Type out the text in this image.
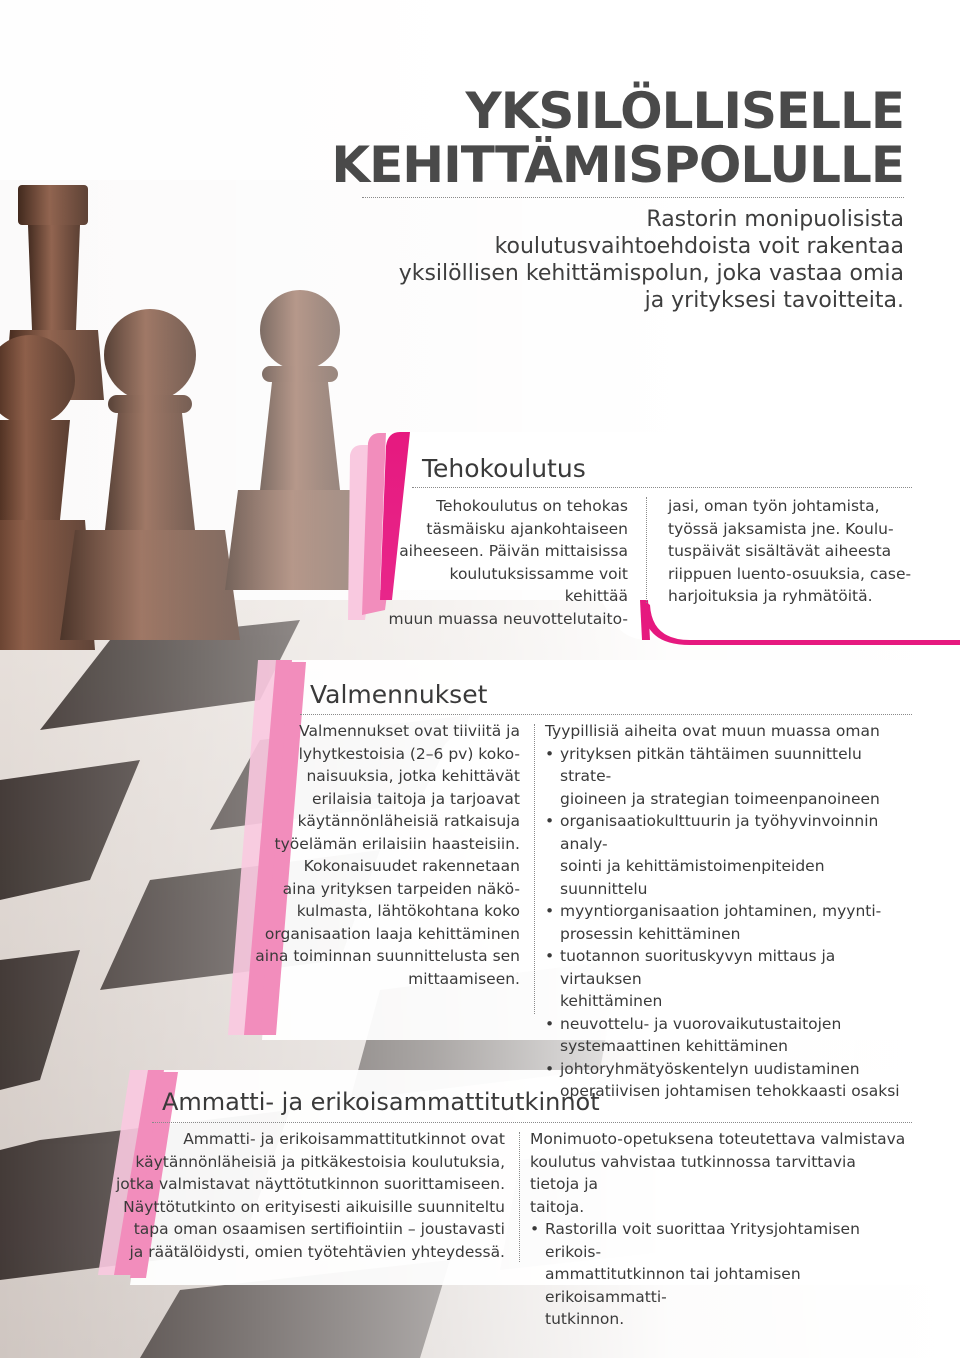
YKSILÖLLISELLE
KEHITTÄMISPOLULLE

Rastorin monipuolisista koulutusvaihtoehdoista voit rakentaa yksilöllisen kehittämispolun, joka vastaa omia ja yrityksesi tavoitteita.

Tehokoulutus
Tehokoulutus on tehokas
täsmäisku ajankohtaiseen
aiheeseen. Päivän mittaisissa
koulutuksissamme voit kehittää
muun muassa neuvottelutaito-
jasi, oman työn johtamista,
työssä jaksamista jne. Koulu-
tuspäivät sisältävät aiheesta
riippuen luento-osuuksia, case-
harjoituksia ja ryhmätöitä.
Valmennukset
Valmennukset ovat tiiviitä ja
lyhytkestoisia (2–6 pv) koko-
naisuuksia, jotka kehittävät
erilaisia taitoja ja tarjoavat
käytännönläheisiä ratkaisuja
työelämän erilaisiin haasteisiin.
Kokonaisuudet rakennetaan
aina yrityksen tarpeiden näkö-
kulmasta, lähtökohtana koko
organisaation laaja kehittäminen
aina toiminnan suunnittelusta sen
mittaamiseen.
Tyypillisiä aiheita ovat muun muassa oman
• yrityksen pitkän tähtäimen suunnittelu strate-
gioineen ja strategian toimeenpanoineen
• organisaatiokulttuurin ja työhyvinvoinnin analy-
sointi ja kehittämistoimenpiteiden suunnittelu
• myyntiorganisaation johtaminen, myynti-
prosessin kehittäminen
• tuotannon suorituskyvyn mittaus ja virtauksen
kehittäminen
• neuvottelu- ja vuorovaikutustaitojen
systemaattinen kehittäminen
• johtoryhmätyöskentelyn uudistaminen
operatiivisen johtamisen tehokkaasti osaksi
Ammatti- ja erikoisammattitutkinnot
Ammatti- ja erikoisammattitutkinnot ovat
käytännönläheisiä ja pitkäkestoisia koulutuksia,
jotka valmistavat näyttötutkinnon suorittamiseen.
Näyttötutkinto on erityisesti aikuisille suunniteltu
tapa oman osaamisen sertifiointiin – joustavasti
ja räätälöidysti, omien työtehtävien yhteydessä.
Monimuoto-opetuksena toteutettava valmistava
koulutus vahvistaa tutkinnossa tarvittavia tietoja ja
taitoja.
• Rastorilla voit suorittaa Yritysjohtamisen erikois-
ammattitutkinnon tai johtamisen erikoisammatti-
tutkinnon.
